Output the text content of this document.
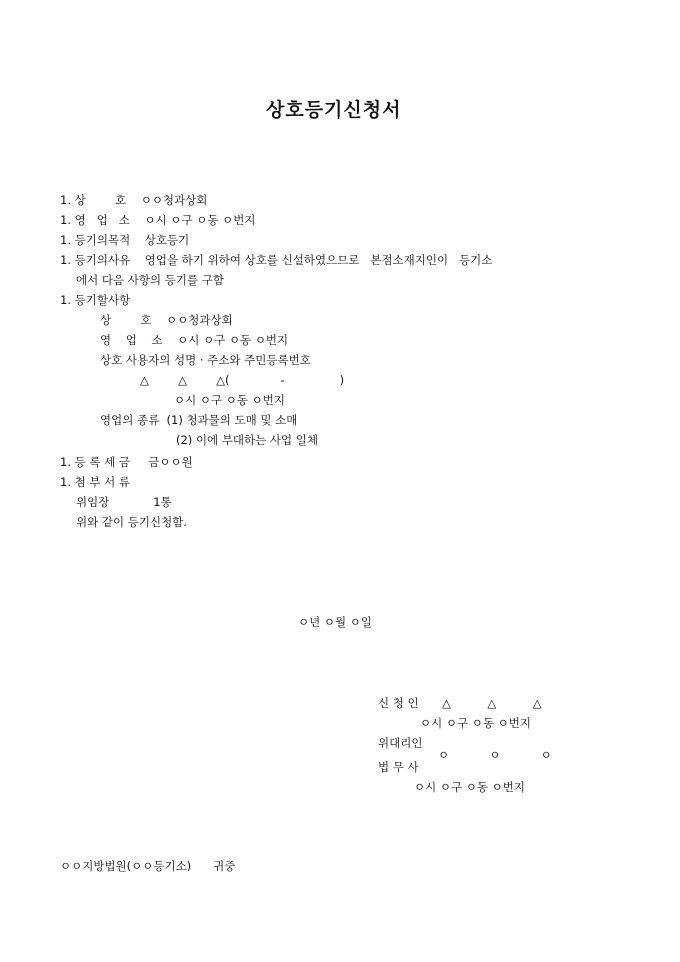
상호등기신청서
1. 상        호    ㅇㅇ청과상회
1. 영   업   소    ㅇ시 ㅇ구 ㅇ동 ㅇ번지
1. 등기의목적    상호등기
1. 등기의사유    영업을 하기 위하여 상호를 신설하였으므로   본점소재지인이   등기소
에서 다음 사항의 등기를 구함
1. 등기할사항
상        호    ㅇㅇ청과상회
영    업    소    ㅇ시 ㅇ구 ㅇ동 ㅇ번지
상호 사용자의 성명 · 주소와 주민등록번호
△        △        △(              -               )
ㅇ시 ㅇ구 ㅇ동 ㅇ번지
영업의 종류  (1) 청과물의 도매 및 소매
(2) 이에 부대하는 사업 일체
1. 등 록 세 금     금ㅇㅇ원
1. 첨 부 서 류
위임장            1통
위와 같이 등기신청함.
ㅇ년 ㅇ월 ㅇ일
신 청 인 △          △          △
ㅇ시 ㅇ구 ㅇ동 ㅇ번지
위대리인
ㅇ           ㅇ           ㅇ
법 무 사
ㅇ시 ㅇ구 ㅇ동 ㅇ번지
ㅇㅇ지방법원(ㅇㅇ등기소)      귀중
